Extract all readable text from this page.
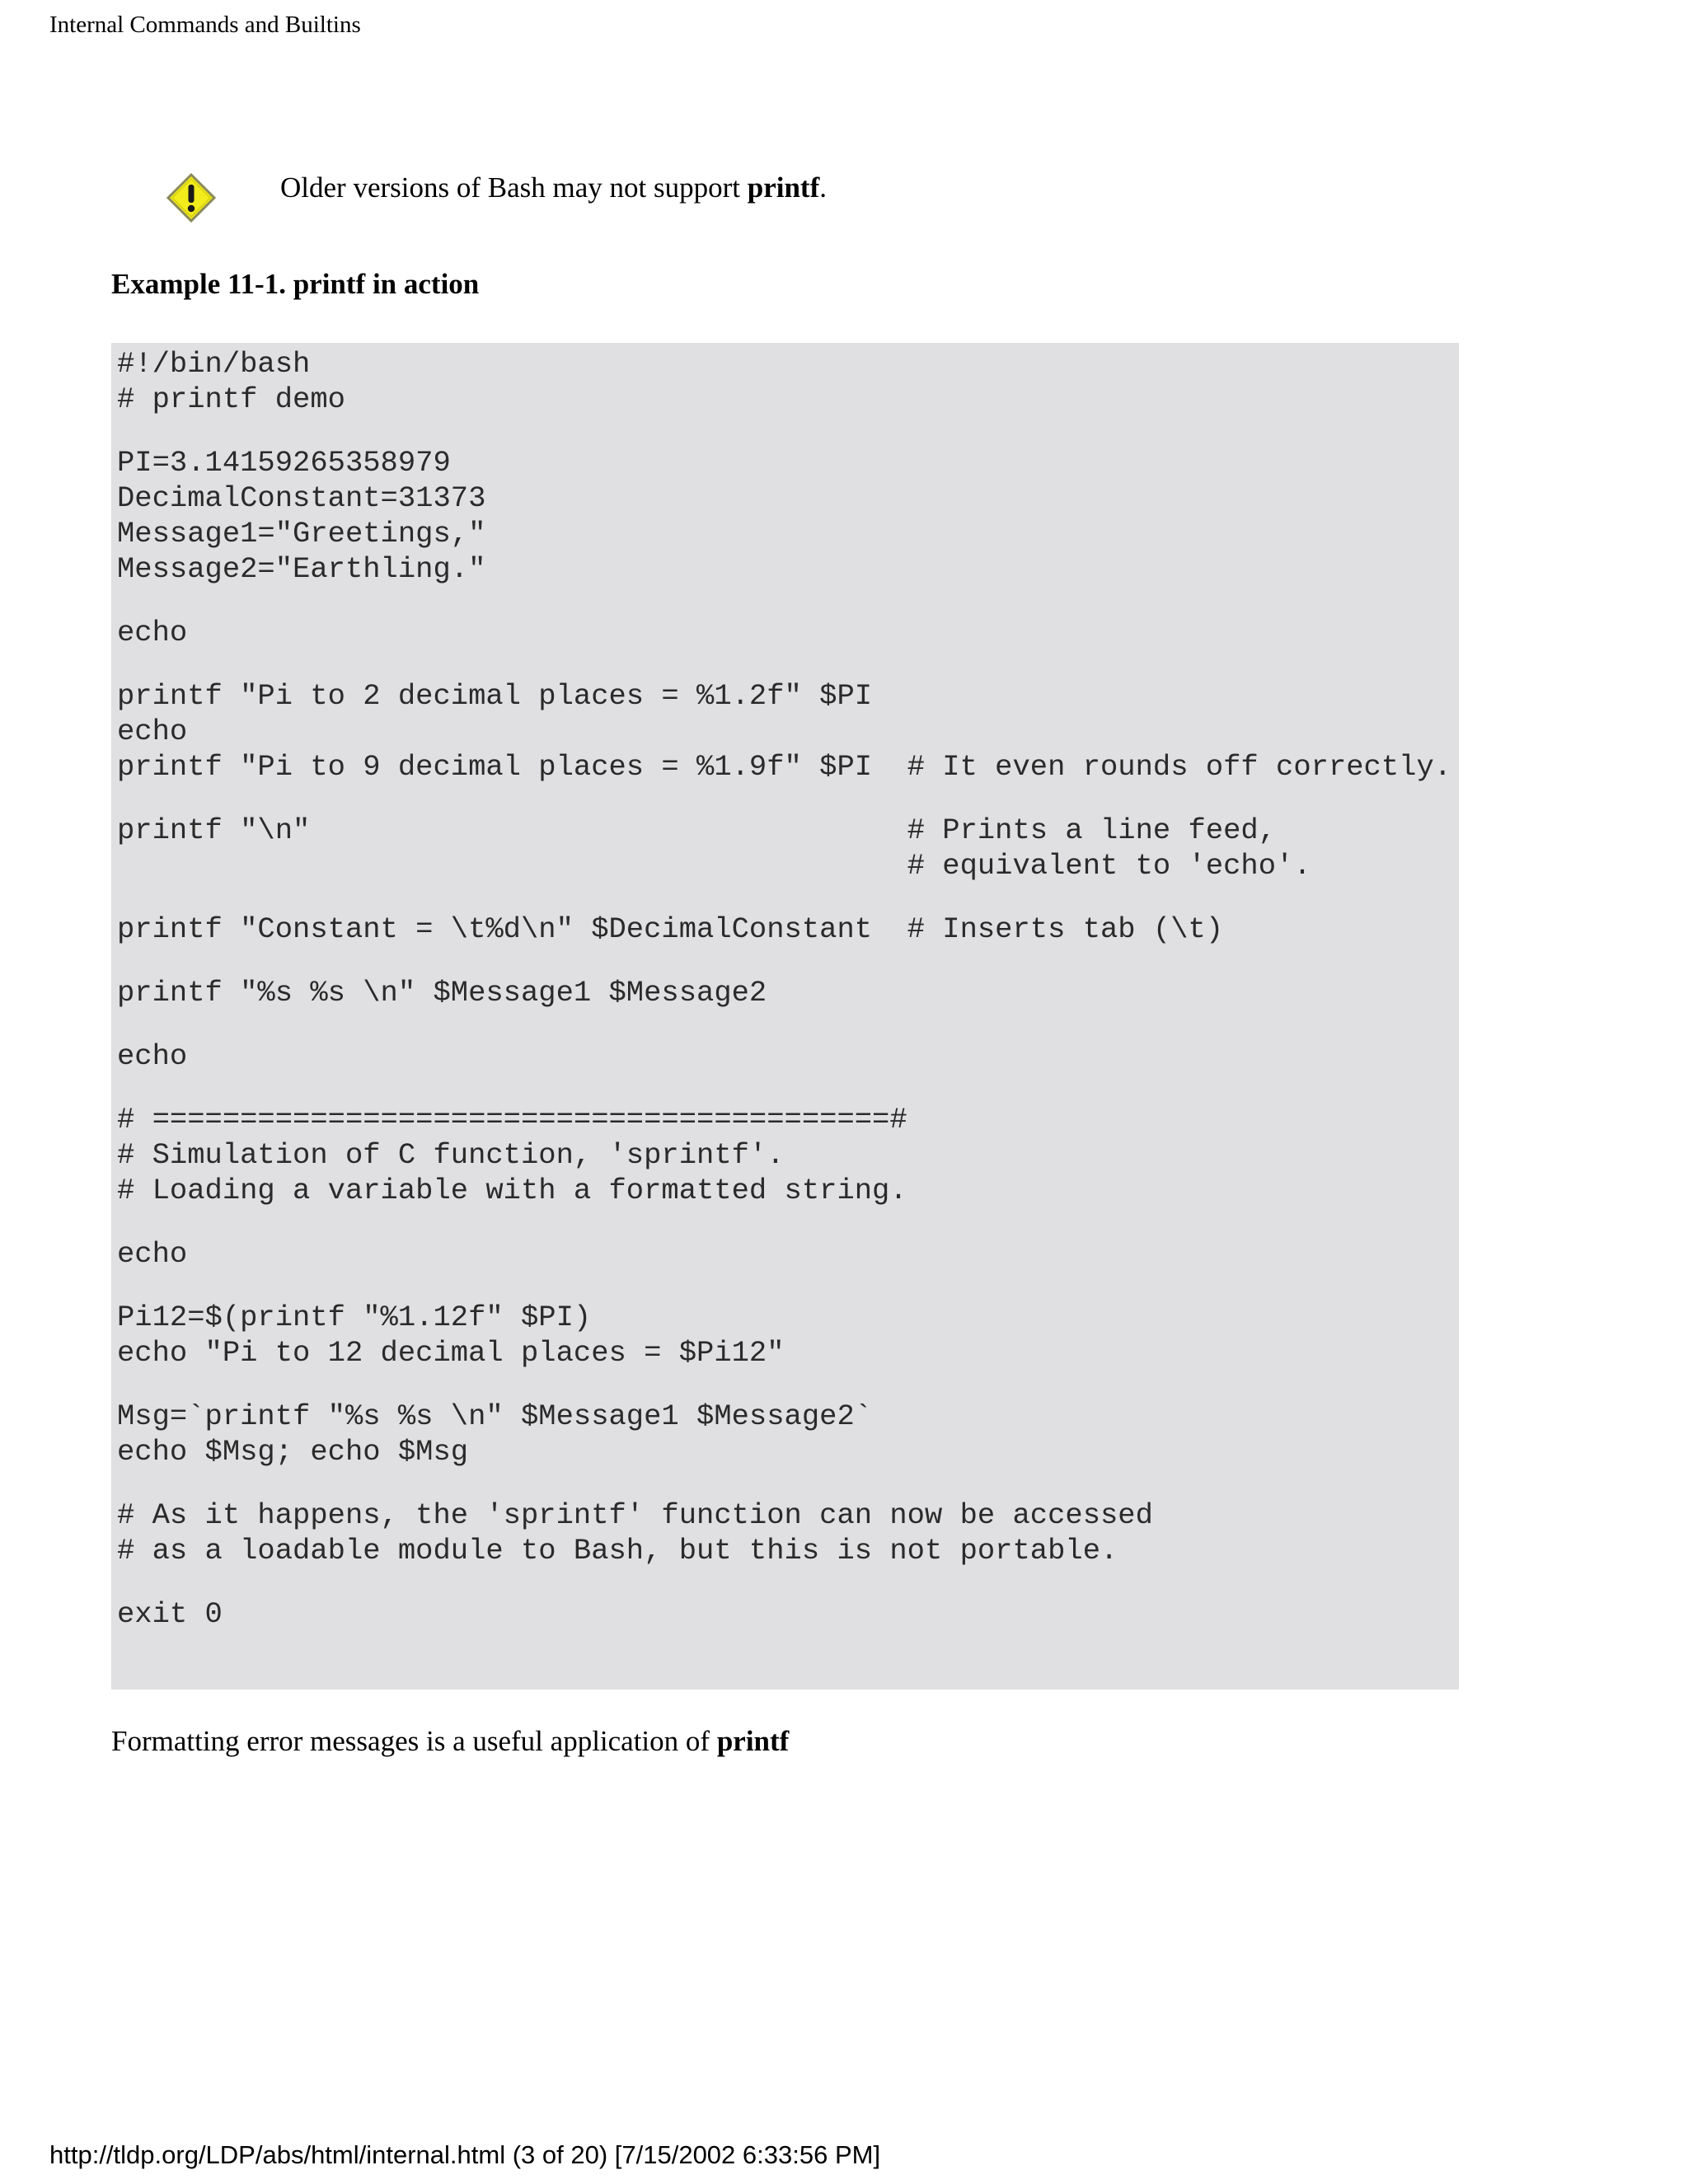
Internal Commands and Builtins
Older versions of Bash may not support printf.
Example 11-1. printf in action
#!/bin/bash
# printf demo
PI=3.14159265358979
DecimalConstant=31373
Message1="Greetings,"
Message2="Earthling."
echo
printf "Pi to 2 decimal places = %1.2f" $PI
echo
printf "Pi to 9 decimal places = %1.9f" $PI  # It even rounds off correctly.
printf "\n"                                  # Prints a line feed,
# equivalent to 'echo'.
printf "Constant = \t%d\n" $DecimalConstant  # Inserts tab (\t)
printf "%s %s \n" $Message1 $Message2
echo
# ==========================================#
# Simulation of C function, 'sprintf'.
# Loading a variable with a formatted string.
echo
Pi12=$(printf "%1.12f" $PI)
echo "Pi to 12 decimal places = $Pi12"
Msg=`printf "%s %s \n" $Message1 $Message2`
echo $Msg; echo $Msg
# As it happens, the 'sprintf' function can now be accessed
# as a loadable module to Bash, but this is not portable.
exit 0
Formatting error messages is a useful application of printf
http://tldp.org/LDP/abs/html/internal.html (3 of 20) [7/15/2002 6:33:56 PM]
